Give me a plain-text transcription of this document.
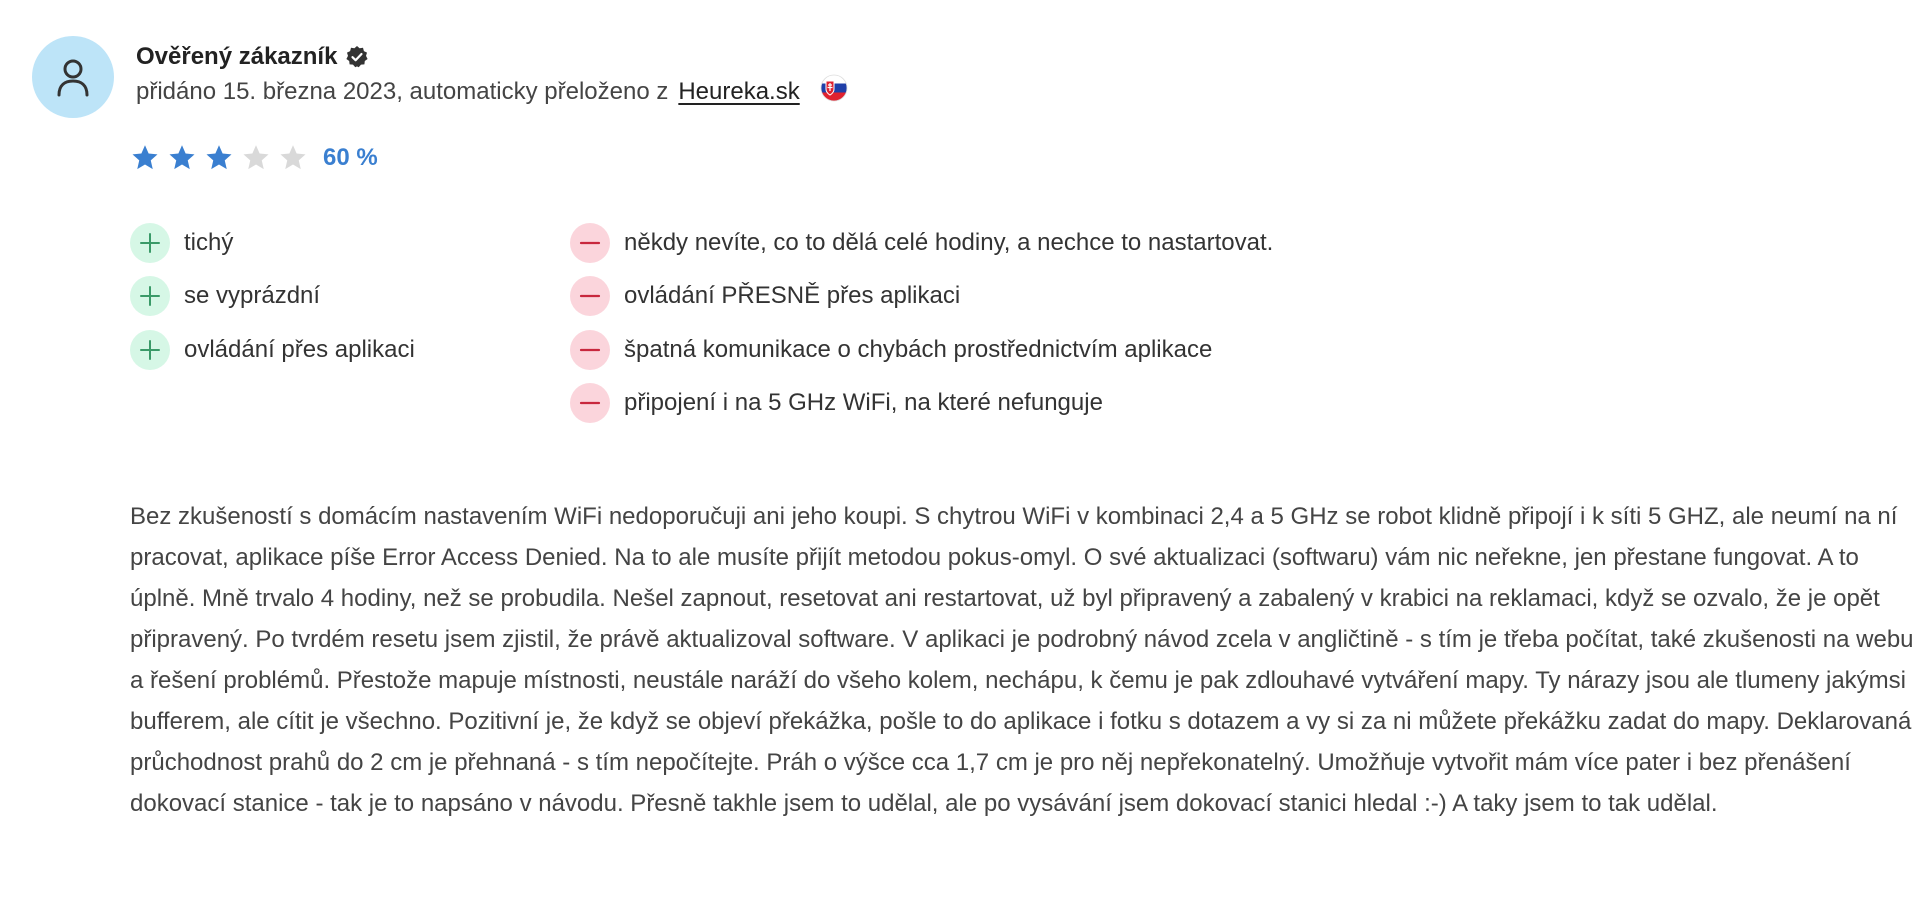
Ověřený zákazník
přidáno 15. března 2023, automaticky přeloženo z Heureka.sk
60 %
tichý
se vyprázdní
ovládání přes aplikaci
někdy nevíte, co to dělá celé hodiny, a nechce to nastartovat.
ovládání PŘESNĚ přes aplikaci
špatná komunikace o chybách prostřednictvím aplikace
připojení i na 5 GHz WiFi, na které nefunguje

Bez zkušeností s domácím nastavením WiFi nedoporučuji ani jeho koupi. S chytrou WiFi v kombinaci 2,4 a 5 GHz se robot klidně připojí i k síti 5 GHZ, ale neumí na ní pracovat, aplikace píše Error Access Denied. Na to ale musíte přijít metodou pokus-omyl. O své aktualizaci (softwaru) vám nic neřekne, jen přestane fungovat. A to úplně. Mně trvalo 4 hodiny, než se probudila. Nešel zapnout, resetovat ani restartovat, už byl připravený a zabalený v krabici na reklamaci, když se ozvalo, že je opět připravený. Po tvrdém resetu jsem zjistil, že právě aktualizoval software. V aplikaci je podrobný návod zcela v angličtině - s tím je třeba počítat, také zkušenosti na webu a řešení problémů. Přestože mapuje místnosti, neustále naráží do všeho kolem, nechápu, k čemu je pak zdlouhavé vytváření mapy. Ty nárazy jsou ale tlumeny jakýmsi bufferem, ale cítit je všechno. Pozitivní je, že když se objeví překážka, pošle to do aplikace i fotku s dotazem a vy si za ni můžete překážku zadat do mapy. Deklarovaná průchodnost prahů do 2 cm je přehnaná - s tím nepočítejte. Práh o výšce cca 1,7 cm je pro něj nepřekonatelný. Umožňuje vytvořit mám více pater i bez přenášení dokovací stanice - tak je to napsáno v návodu. Přesně takhle jsem to udělal, ale po vysávání jsem dokovací stanici hledal :-) A taky jsem to tak udělal.
